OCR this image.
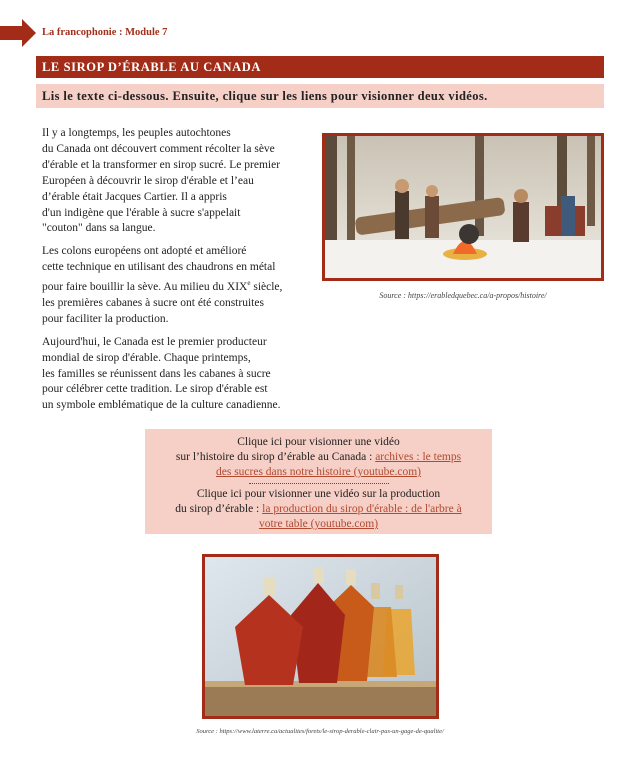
La francophonie : Module 7
LE SIROP D’ÉRABLE AU CANADA
Lis le texte ci-dessous. Ensuite, clique sur les liens pour visionner deux vidéos.

Il y a longtemps, les peuples autochtones
du Canada ont découvert comment récolter la sève
d'érable et la transformer en sirop sucré. Le premier
Européen à découvrir le sirop d'érable et l’eau
d’érable était Jacques Cartier. Il a appris
d'un indigène que l'érable à sucre s'appelait
"couton" dans sa langue.

Les colons européens ont adopté et amélioré
cette technique en utilisant des chaudrons en métal
pour faire bouillir la sève. Au milieu du XIXe siècle,
les premières cabanes à sucre ont été construites
pour faciliter la production.

Aujourd'hui, le Canada est le premier producteur
mondial de sirop d'érable. Chaque printemps,
les familles se réunissent dans les cabanes à sucre
pour célébrer cette tradition. Le sirop d'érable est
un symbole emblématique de la culture canadienne.

Source : https://erabledquebec.ca/a-propos/histoire/
Clique ici pour visionner une vidéo
sur l’histoire du sirop d’érable au Canada : archives : le temps
des sucres dans notre histoire (youtube.com)
Clique ici pour visionner une vidéo sur la production
du sirop d’érable : la production du sirop d'érable : de l'arbre à
votre table (youtube.com)
Source : https://www.laterre.ca/actualites/forets/le-sirop-derable-clair-pas-un-gage-de-qualite/
